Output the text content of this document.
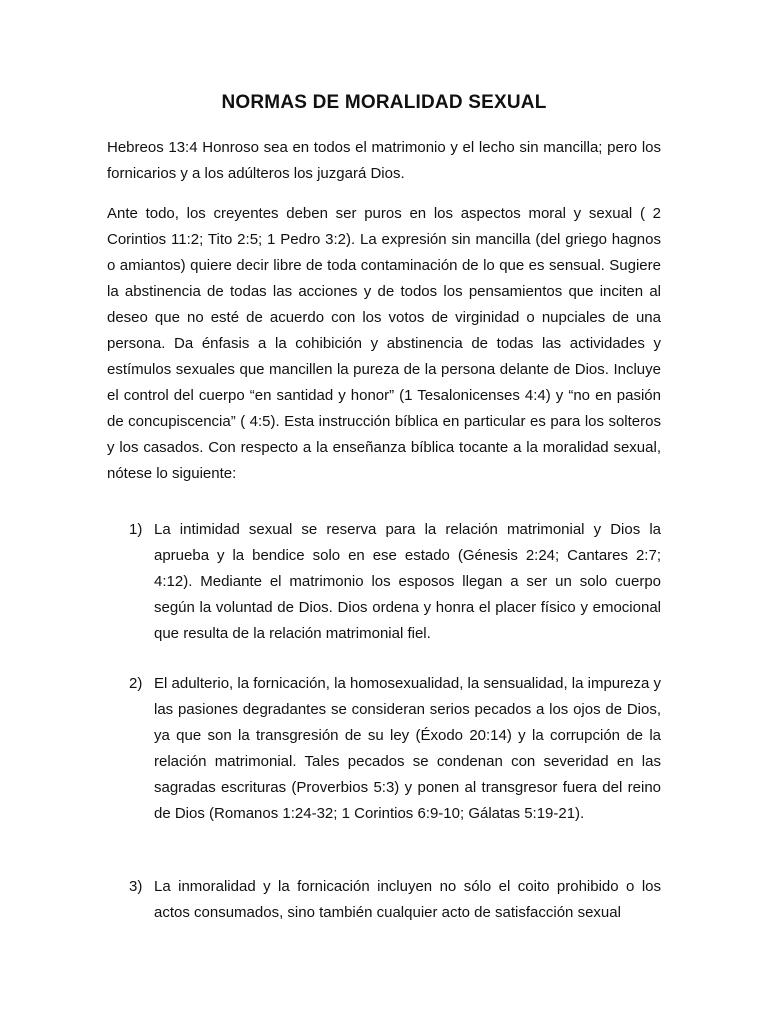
NORMAS DE MORALIDAD SEXUAL

Hebreos 13:4 Honroso sea en todos el matrimonio y el lecho sin mancilla; pero los fornicarios y a los adúlteros los juzgará Dios.

Ante todo, los creyentes deben ser puros en los aspectos moral y sexual ( 2 Corintios 11:2; Tito 2:5; 1 Pedro 3:2). La expresión sin mancilla (del griego hagnos o amiantos) quiere decir libre de toda contaminación de lo que es sensual. Sugiere la abstinencia de todas las acciones y de todos los pensamientos que inciten al deseo que no esté de acuerdo con los votos de virginidad o nupciales de una persona. Da énfasis a la cohibición y abstinencia de todas las actividades y estímulos sexuales que mancillen la pureza de la persona delante de Dios. Incluye el control del cuerpo “en santidad y honor” (1 Tesalonicenses 4:4) y “no en pasión de concupiscencia” ( 4:5). Esta instrucción bíblica en particular es para los solteros y los casados. Con respecto a la enseñanza bíblica tocante a la moralidad sexual, nótese lo siguiente:

1) La intimidad sexual se reserva para la relación matrimonial y Dios la aprueba y la bendice solo en ese estado (Génesis 2:24; Cantares 2:7; 4:12). Mediante el matrimonio los esposos llegan a ser un solo cuerpo según la voluntad de Dios. Dios ordena y honra el placer físico y emocional que resulta de la relación matrimonial fiel.

2) El adulterio, la fornicación, la homosexualidad, la sensualidad, la impureza y las pasiones degradantes se consideran serios pecados a los ojos de Dios, ya que son la transgresión de su ley (Éxodo 20:14) y la corrupción de la relación matrimonial. Tales pecados se condenan con severidad en las sagradas escrituras (Proverbios 5:3) y ponen al transgresor fuera del reino de Dios (Romanos 1:24-32; 1 Corintios 6:9-10; Gálatas 5:19-21).

3) La inmoralidad y la fornicación incluyen no sólo el coito prohibido o los actos consumados, sino también cualquier acto de satisfacción sexual
